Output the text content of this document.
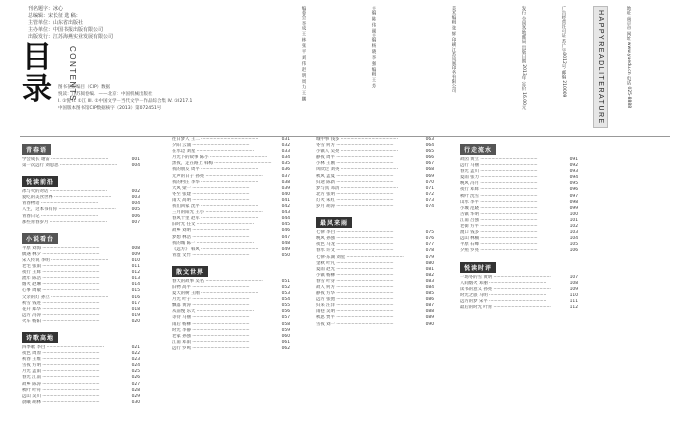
刊名题字：冰心
总编辑：宋长征 选 稿：
主管单位：山东省出版社
主办单位：中国书报出版有限公司
出版发行：江苏海燕实业发展有限公司
目录	CONTENTS
图书在版编目（CIP）数据
悦读：江苏阅卷编．——北京：中国机械出版社
I. ①悦 II. ①江 III. ①中国文学－当代文学－作品综合集 IV. ①I217.1
中国版本图书馆CIP数据核字（2013）第072451号
编委会 李成 王 林 张 平 刘 伟 赵 明 周 力 王 鹏	主编 陈 伟 副主编 杨 晓 李 强 编辑 王 芳	美术编辑 张 辉 印刷 江苏凤凰印务有限公司	发行 全国各地邮局 出版日期 2013年 定价 16.00元	广告经营许可证 苏广字0012号 邮编 210009	HAPPYREADLITERATURE	地址 南京市 网址 www.yuedu.cn 电话 025-8888
青春语
学会成长 谢雷 ·········································	001
第一次远行 刘思思 ·········································	004
悦读前沿
冰与火的对话 ·········································	002
爱吃的美食世界 ·········································	003
青春物语 ·········································	004
人生，这本书有你 ·········································	005
青春日记 ·········································	006
那些青春岁月 ·········································	007
小说看台
平原 刘海 ·········································	008
偶遇 林夕 ·········································	009
宋人传说 李明 ·········································	010
老宅 张雨 ·········································	011
夜行 王辉 ·········································	012
流年 陈浩 ·········································	013
烟火 赵琳 ·········································	014
心事 周敏 ·········································	015
父亲的灯 孙立 ·········································	016
初雪 钱进 ·········································	017
花开 郑华 ·········································	018
远方 冯涛 ·········································	019
火车 杨阳 ·········································	020
诗歌高地
四季歌 李白 ·········································	021
夜色 周原 ·········································	022
初春 王维 ·········································	023
雪夜 方明 ·········································	024
月光 孟雨 ·········································	025
春光 江南 ·········································	026
故乡 陈涛 ·········································	027
秋叶 叶舟 ·········································	028
远山 吴川 ·········································	029
晨曦 胡林 ·········································	030
往日梦人 王二 ·········································	031
夕阳 云涌 ·········································	032
在水边 刘星 ·········································	033
月光下的故事 陈小 ·········································	034
黑夜，走在路上 韩梅 ·········································	035
我的朋友 周平 ·········································	036
无声的日子 孙亮 ·········································	037
我的村庄 李华 ·········································	038
大风 梁一 ·········································	039
冬至 张建 ·········································	040
雨天 高明 ·········································	041
我们回家 沈平 ·········································	042
三月的阳光 王小 ·········································	043
春风十里 赵军 ·········································	044
旧时光 任文 ·········································	045
故乡 刘明 ·········································	046
梦想 林浩 ·········································	047
我的城 陈一 ·········································	048
《远方》 韩风 ·········································	049
青涩 文竹 ·········································	050
散文世界
春天的故事 吴名 ·········································	051
旧物 高平 ·········································	052
夏天的树 王刚 ·········································	053
月光 叶子 ·········································	054
飘落 黄涛 ·········································	055
从前慢 乐天 ·········································	056
等待 马丽 ·········································	057
雨后 杨柳 ·········································	058
时光 李静 ·········································	059
老家 孙强 ·········································	060
江南 邓雨 ·········································	061
远行 罗鸣 ·········································	062
城中事 钱多 ·········································	063
冬雪 何方 ·········································	064
小镇人 吴亮 ·········································	065
静夜 周平 ·········································	066
小林 王刚 ·········································	067
风吹过 刘英 ·········································	068
秋风 孟夏 ·········································	069
归途 陈新 ·········································	070
梦与真 邓清 ·········································	071
北方 张明 ·········································	072
灯火 朱红 ·········································	073
岁月 胡涛 ·········································	074
最风来雨
七律 李白 ·········································	075
晚风 孙强 ·········································	076
夜色 马龙 ·········································	077
春水 许文 ·········································	078
七律·东湖 刘星 ·········································	079
金秋 叶凡 ·········································	080
夏雨 赵光 ·········································	081
小镇 杨柳 ·········································	082
春雪 叶芽 ·········································	083
故人 何方 ·········································	084
静夜 方华 ·········································	085
远方 张弛 ·········································	086
归来 汪洋 ·········································	087
雨巷 吴明 ·········································	088
秋思 贾平 ·········································	089
雪夜 刘一 ·········································	090
行走流水
故园 黄立 ·········································	091
远行 马丽 ·········································	092
春光 孟川 ·········································	093
夏雨 张力 ·········································	094
晚风 冯月 ·········································	095
夜行 邓辉 ·········································	096
秋叶 沈雪 ·········································	097
山水 李平 ·········································	098
小城 范晓 ·········································	099
古镇 华明 ·········································	100
江南 吕强 ·········································	101
老街 方平 ·········································	102
渡口 钱多 ·········································	103
远山 林楠 ·········································	104
平原 石峰 ·········································	105
夕照 罗亮 ·········································	106
悦读时评
一场冬的雪 黄明 ·········································	107
人间烟火 邓丽 ·········································	108
读书的意义 孙亮 ·········································	109
时光之旅 马明 ·········································	110
远方的梦 宋平 ·········································	111
最后的时光 叶青 ·········································	112
